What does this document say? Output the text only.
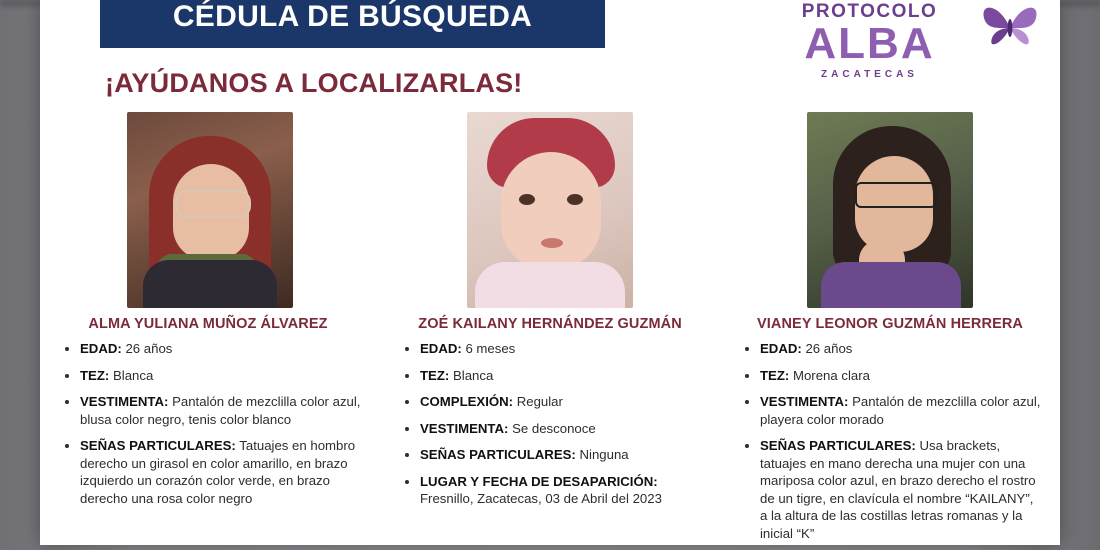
CÉDULA DE BÚSQUEDA
¡AYÚDANOS A LOCALIZARLAS!
PROTOCOLO
ALBA
ZACATECAS
ALMA YULIANA MUÑOZ ÁLVAREZ
• EDAD: 26 años
• TEZ: Blanca
• VESTIMENTA: Pantalón de mezclilla color azul, blusa color negro, tenis color blanco
• SEÑAS PARTICULARES: Tatuajes en hombro derecho un girasol en color amarillo, en brazo izquierdo un corazón color verde, en brazo derecho una rosa color negro
ZOÉ KAILANY HERNÁNDEZ GUZMÁN
• EDAD: 6 meses
• TEZ: Blanca
• COMPLEXIÓN: Regular
• VESTIMENTA: Se desconoce
• SEÑAS PARTICULARES: Ninguna
• LUGAR Y FECHA DE DESAPARICIÓN: Fresnillo, Zacatecas, 03 de Abril del 2023
VIANEY LEONOR GUZMÁN HERRERA
• EDAD: 26 años
• TEZ: Morena clara
• VESTIMENTA: Pantalón de mezclilla color azul, playera color morado
• SEÑAS PARTICULARES: Usa brackets, tatuajes en mano derecha una mujer con una mariposa color azul, en brazo derecho el rostro de un tigre, en clavícula el nombre “KAILANY”, a la altura de las costillas letras romanas y la inicial “K”
